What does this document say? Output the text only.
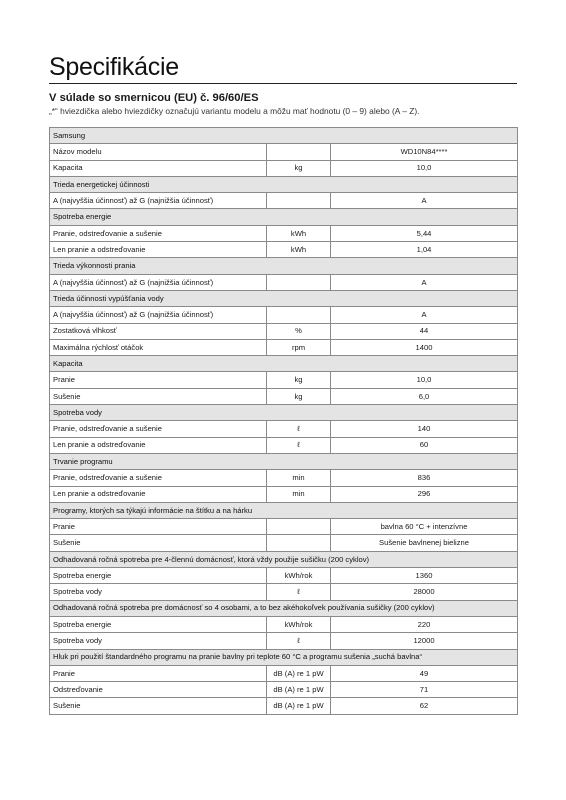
Specifikácie
V súlade so smernicou (EU) č. 96/60/ES
„*“ hviezdička alebo hviezdičky označujú variantu modelu a môžu mať hodnotu (0 – 9) alebo (A – Z).
Samsung		
Názov modelu		WD10N84****
Kapacita	kg	10,0
Trieda energetickej účinnosti		
A (najvyššia účinnosť) až G (najnižšia účinnosť)		A
Spotreba energie		
Pranie, odstreďovanie a sušenie	kWh	5,44
Len pranie a odstreďovanie	kWh	1,04
Trieda výkonnosti prania		
A (najvyššia účinnosť) až G (najnižšia účinnosť)		A
Trieda účinnosti vypúšťania vody		
A (najvyššia účinnosť) až G (najnižšia účinnosť)		A
Zostatková vlhkosť	%	44
Maximálna rýchlosť otáčok	rpm	1400
Kapacita		
Pranie	kg	10,0
Sušenie	kg	6,0
Spotreba vody		
Pranie, odstreďovanie a sušenie	ℓ	140
Len pranie a odstreďovanie	ℓ	60
Trvanie programu		
Pranie, odstreďovanie a sušenie	min	836
Len pranie a odstreďovanie	min	296
Programy, ktorých sa týkajú informácie na štítku a na hárku		
Pranie		bavlna 60 °C + intenzívne
Sušenie		Sušenie bavlnenej bielizne
Odhadovaná ročná spotreba pre 4-člennú domácnosť, ktorá vždy použije sušičku (200 cyklov)		
Spotreba energie	kWh/rok	1360
Spotreba vody	ℓ	28000
Odhadovaná ročná spotreba pre domácnosť so 4 osobami, a to bez akéhokoľvek používania sušičky (200 cyklov)		
Spotreba energie	kWh/rok	220
Spotreba vody	ℓ	12000
Hluk pri použití štandardného programu na pranie bavlny pri teplote 60 °C a programu sušenia „suchá bavlna“		
Pranie	dB (A) re 1 pW	49
Odstreďovanie	dB (A) re 1 pW	71
Sušenie	dB (A) re 1 pW	62
